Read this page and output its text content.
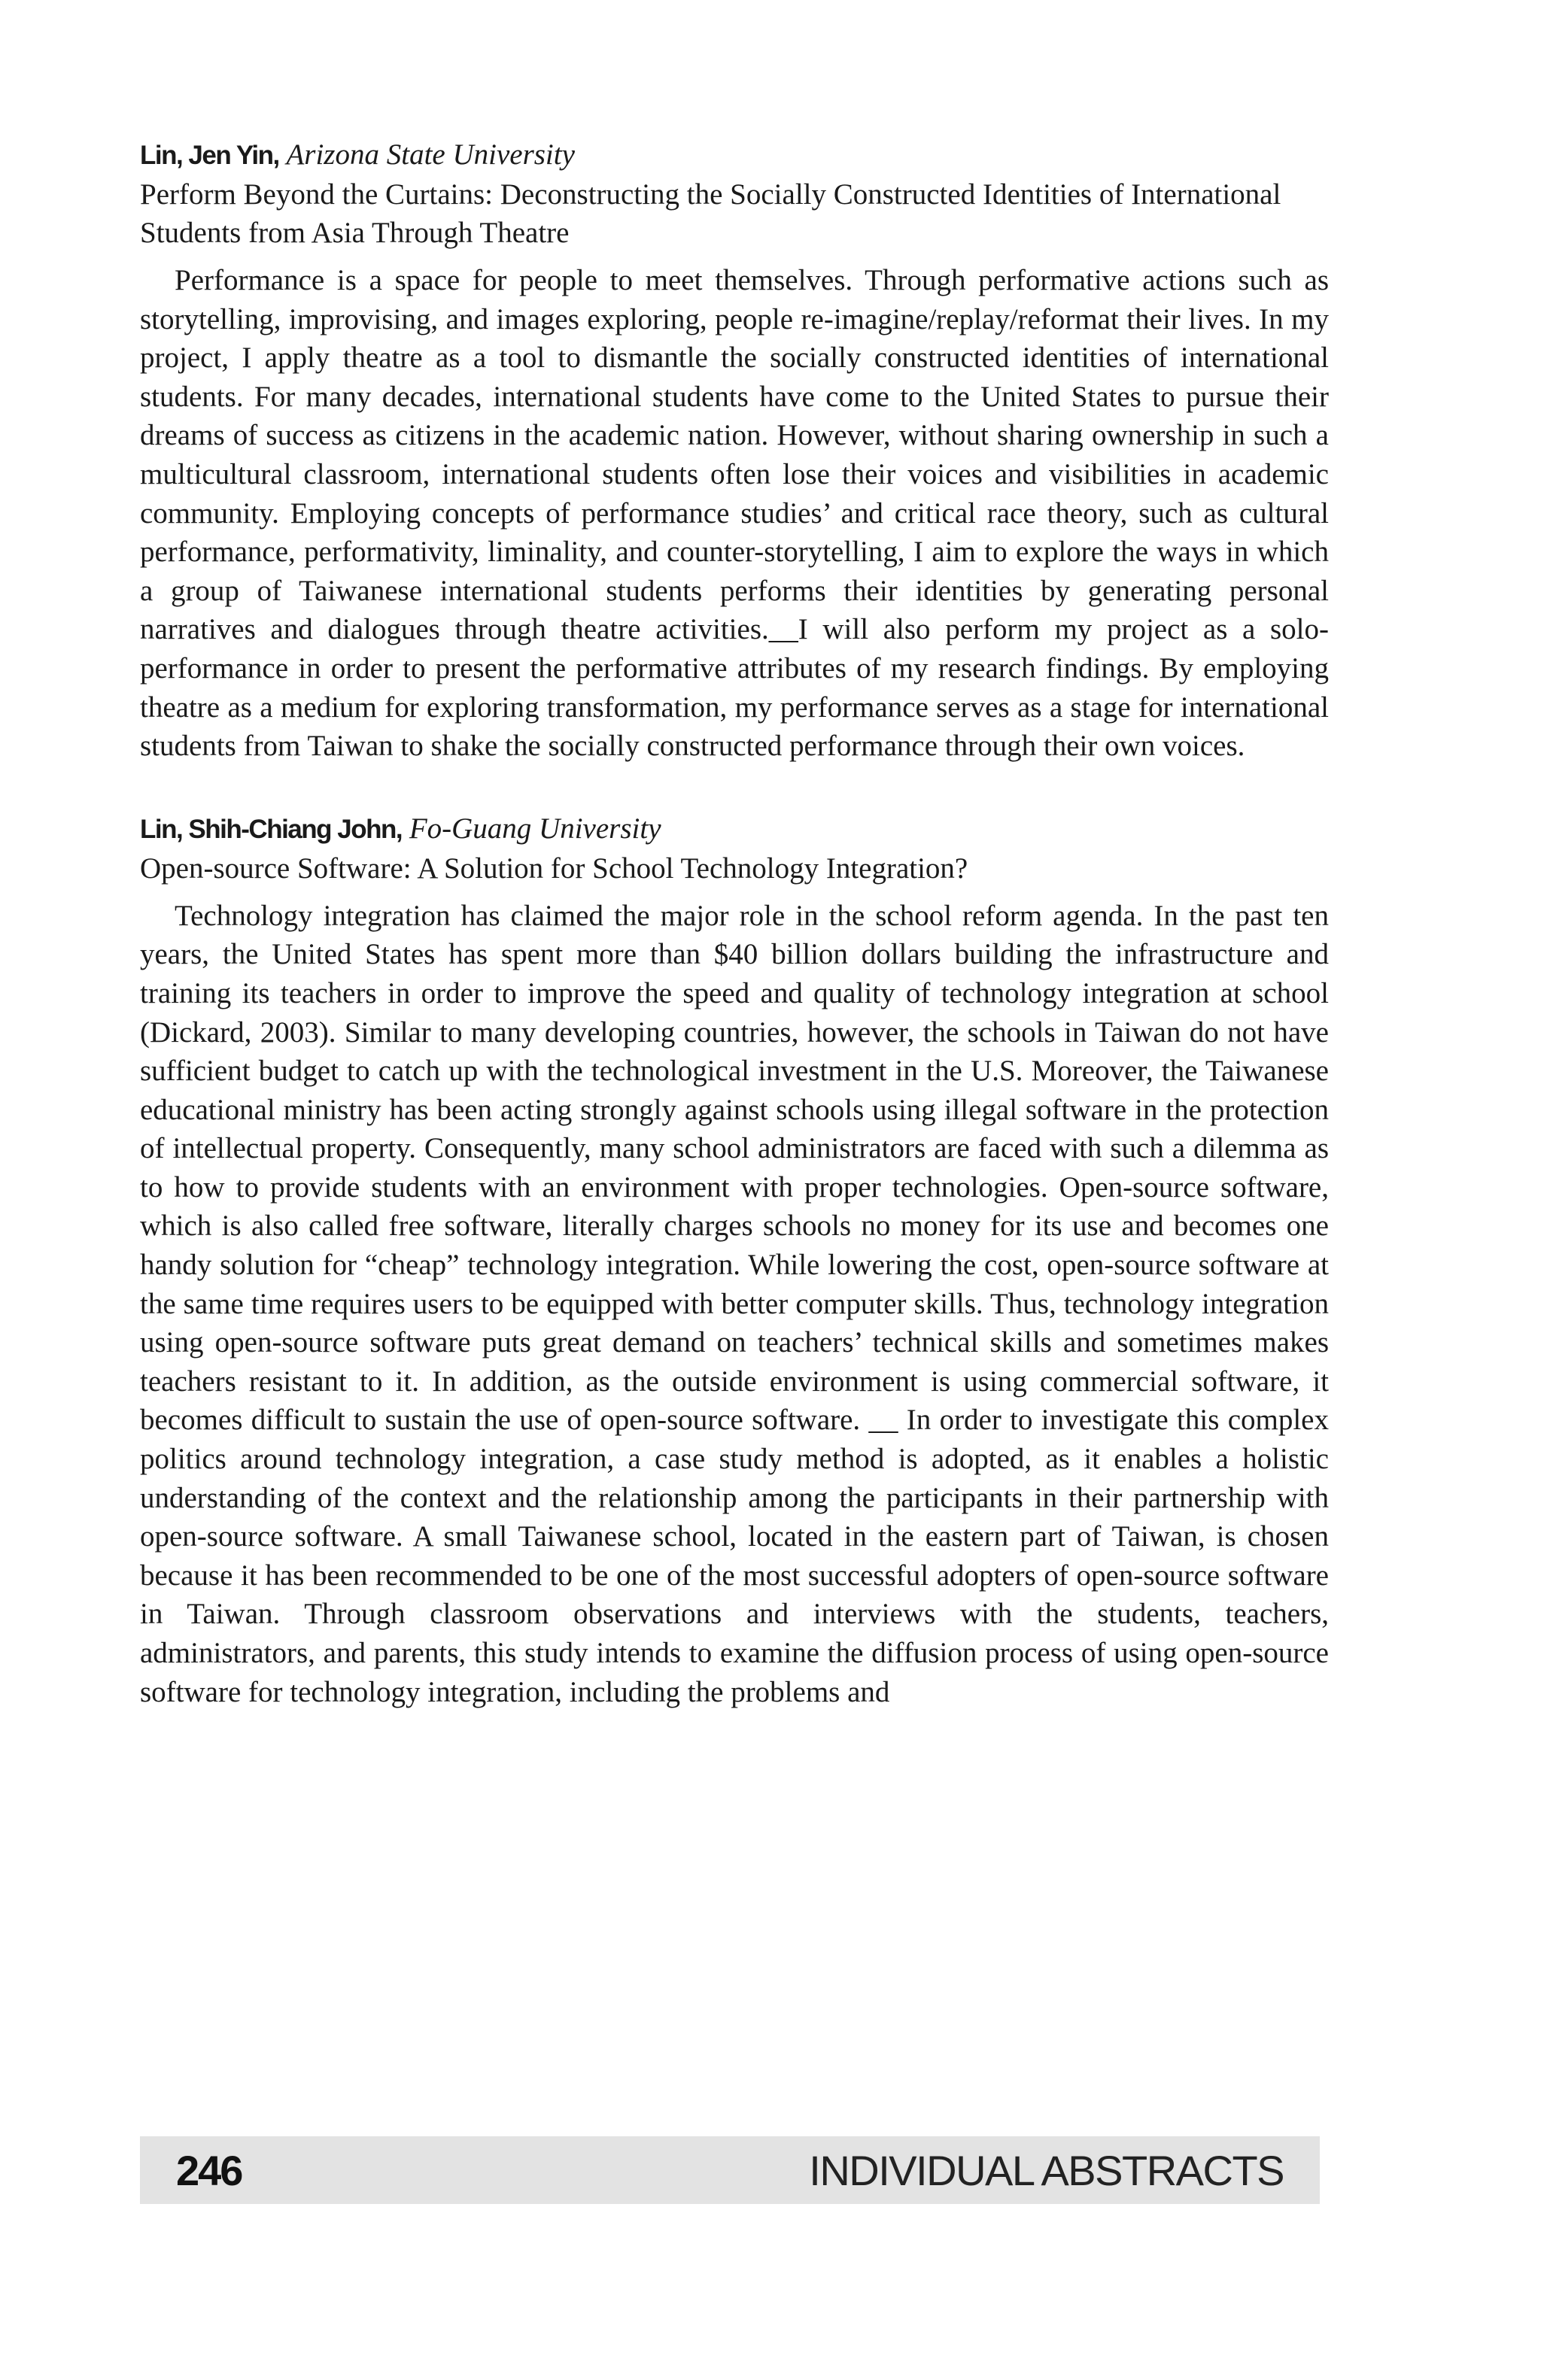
Lin, Jen Yin, Arizona State University

Perform Beyond the Curtains: Deconstructing the Socially Constructed Identities of International Students from Asia Through Theatre

Performance is a space for people to meet themselves. Through performative actions such as storytelling, improvising, and images exploring, people re-imagine/replay/reformat their lives. In my project, I apply theatre as a tool to dismantle the socially constructed identities of international students. For many decades, international students have come to the United States to pursue their dreams of success as citizens in the academic nation. However, without sharing ownership in such a multicultural classroom, international students often lose their voices and visibilities in academic community. Employing concepts of performance studies’ and critical race theory, such as cultural performance, performativity, liminality, and counter-storytelling, I aim to explore the ways in which a group of Taiwanese international students performs their identities by generating personal narratives and dialogues through theatre activities.__I will also perform my project as a solo-performance in order to present the performative attributes of my research findings. By employing theatre as a medium for exploring transformation, my performance serves as a stage for international students from Taiwan to shake the socially constructed performance through their own voices.

Lin, Shih-Chiang John, Fo-Guang University

Open-source Software: A Solution for School Technology Integration?

Technology integration has claimed the major role in the school reform agenda. In the past ten years, the United States has spent more than $40 billion dollars building the infrastructure and training its teachers in order to improve the speed and quality of technology integration at school (Dickard, 2003). Similar to many developing countries, however, the schools in Taiwan do not have sufficient budget to catch up with the technological investment in the U.S. Moreover, the Taiwanese educational ministry has been acting strongly against schools using illegal software in the protection of intellectual property. Consequently, many school administrators are faced with such a dilemma as to how to provide students with an environment with proper technologies. Open-source software, which is also called free software, literally charges schools no money for its use and becomes one handy solution for “cheap” technology integration. While lowering the cost, open-source software at the same time requires users to be equipped with better computer skills. Thus, technology integration using open-source software puts great demand on teachers’ technical skills and sometimes makes teachers resistant to it. In addition, as the outside environment is using commercial software, it becomes difficult to sustain the use of open-source software. __ In order to investigate this complex politics around technology integration, a case study method is adopted, as it enables a holistic understanding of the context and the relationship among the participants in their partnership with open-source software. A small Taiwanese school, located in the eastern part of Taiwan, is chosen because it has been recommended to be one of the most successful adopters of open-source software in Taiwan. Through classroom observations and interviews with the students, teachers, administrators, and parents, this study intends to examine the diffusion process of using open-source software for technology integration, including the problems and

246	INDIVIDUAL ABSTRACTS
